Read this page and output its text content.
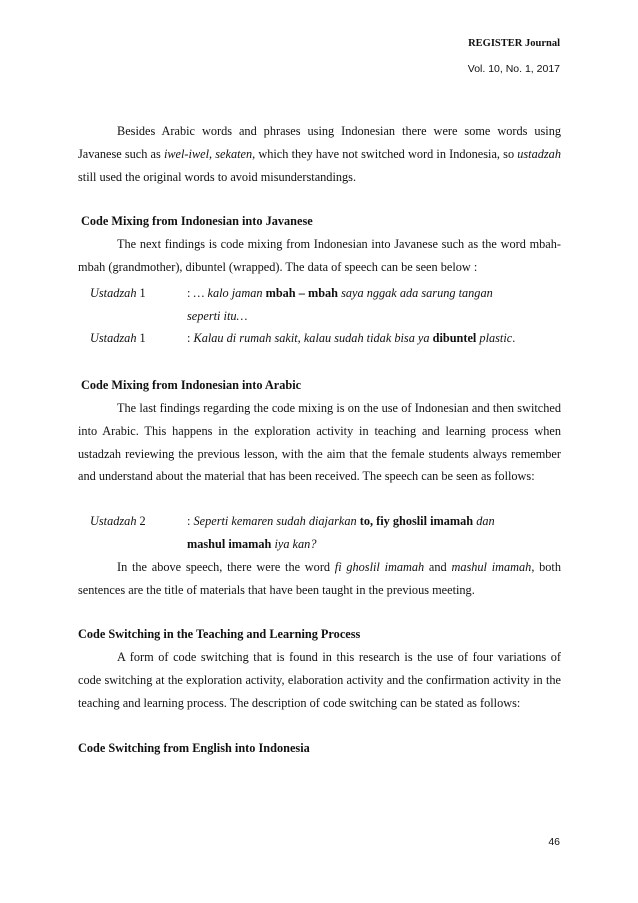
REGISTER Journal
Vol. 10, No. 1, 2017

Besides Arabic words and phrases using Indonesian there were some words using Javanese such as iwel-iwel, sekaten, which they have not switched word in Indonesia, so ustadzah still used the original words to avoid misunderstandings.

Code Mixing from Indonesian into Javanese

The next findings is code mixing from Indonesian into Javanese such as the word mbah-mbah (grandmother), dibuntel (wrapped). The data of speech can be seen below :

Ustadzah 1	: … kalo jaman mbah – mbah saya nggak ada sarung tangan
seperti itu…
Ustadzah 1	: Kalau di rumah sakit, kalau sudah tidak bisa ya dibuntel plastic.
Code Mixing from Indonesian into Arabic

The last findings regarding the code mixing is on the use of Indonesian and then switched into Arabic. This happens in the exploration activity in teaching and learning process when ustadzah reviewing the previous lesson, with the aim that the female students always remember and understand about the material that has been received. The speech can be seen as follows:

Ustadzah 2	: Seperti kemaren sudah diajarkan to, fiy ghoslil imamah dan
mashul imamah iya kan?

In the above speech, there were the word fi ghoslil imamah and mashul imamah, both sentences are the title of materials that have been taught in the previous meeting.

Code Switching in the Teaching and Learning Process

A form of code switching that is found in this research is the use of four variations of code switching at the exploration activity, elaboration activity and the confirmation activity in the teaching and learning process. The description of code switching can be stated as follows:

Code Switching from English into Indonesia
46
